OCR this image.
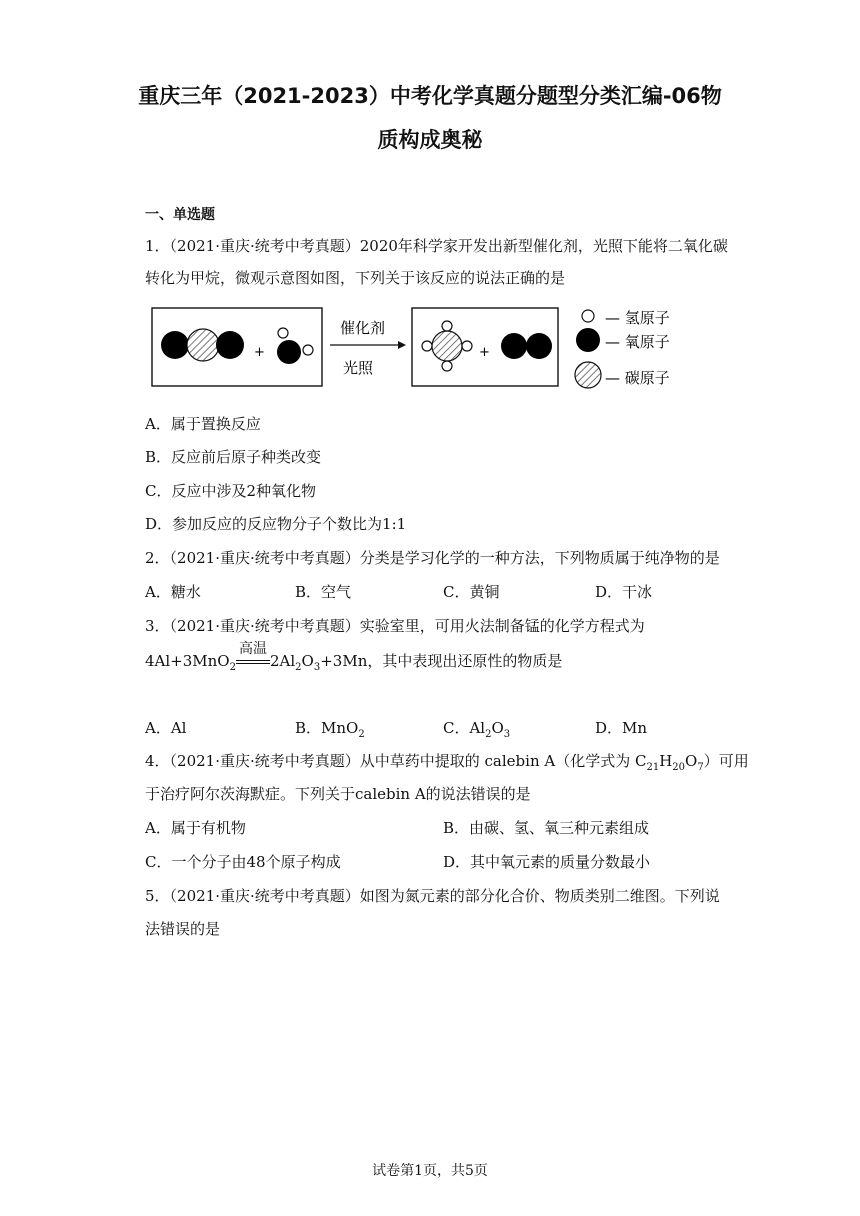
重庆三年（2021-2023）中考化学真题分题型分类汇编-06物
质构成奥秘
一、单选题
1．（2021·重庆·统考中考真题）2020年科学家开发出新型催化剂，光照下能将二氧化碳
转化为甲烷，微观示意图如图，下列关于该反应的说法正确的是
+
催化剂
光照
+
— 氢原子
— 氧原子
— 碳原子
A．属于置换反应
B．反应前后原子种类改变
C．反应中涉及2种氧化物
D．参加反应的反应物分子个数比为1:1
2．（2021·重庆·统考中考真题）分类是学习化学的一种方法，下列物质属于纯净物的是
A．糖水	B．空气	C．黄铜	D．干冰
3．（2021·重庆·统考中考真题）实验室里，可用火法制备锰的化学方程式为
4Al+3MnO$_2$
高温
$2Al_2O_3+3Mn$，其中表现出还原性的物质是
A．Al	B．MnO$_2$	C．$Al_2O_3$	D．Mn
4．（2021·重庆·统考中考真题）从中草药中提取的 calebin A（化学式为 $C_{21}H_{20}O_7$）可用
于治疗阿尔茨海默症。下列关于calebin A的说法错误的是
A．属于有机物	B．由碳、氢、氧三种元素组成
C．一个分子由48个原子构成	D．其中氧元素的质量分数最小
5．（2021·重庆·统考中考真题）如图为氮元素的部分化合价、物质类别二维图。下列说
法错误的是
试卷第1页，共5页
